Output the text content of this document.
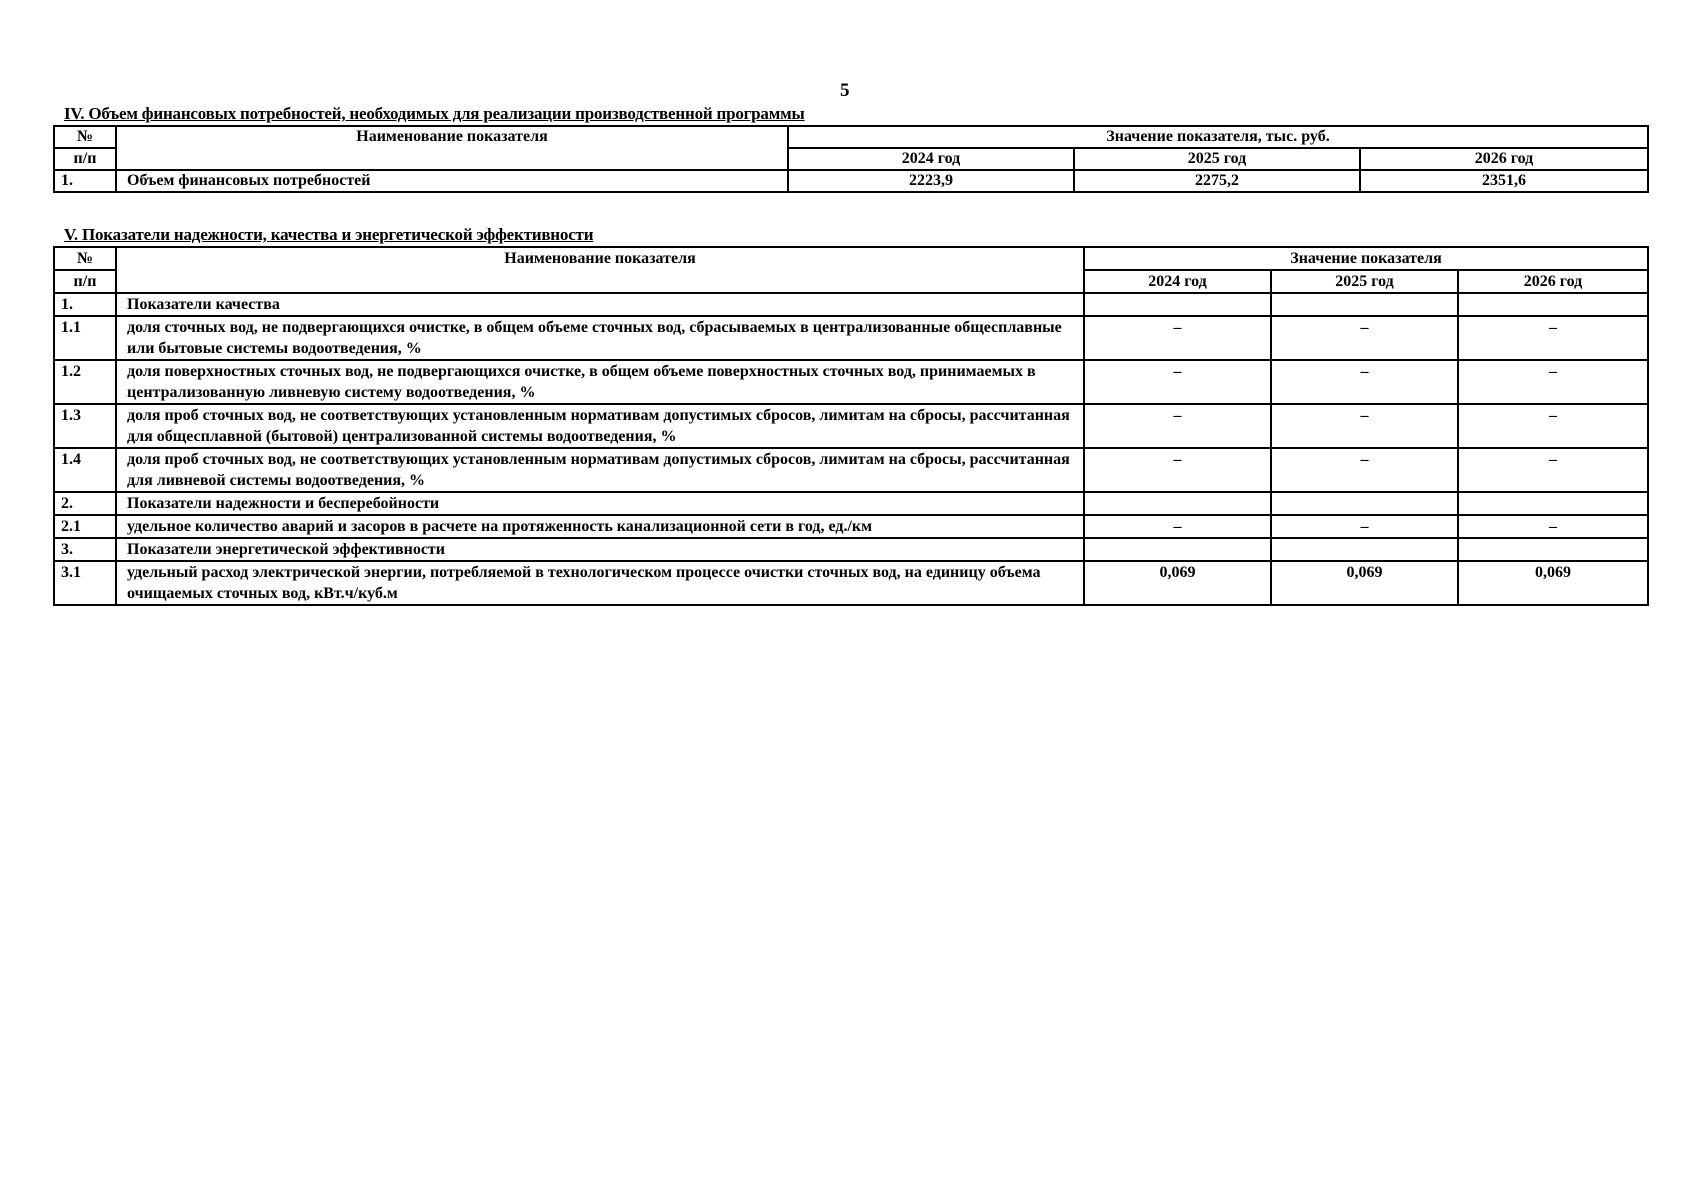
5
IV. Объем финансовых потребностей, необходимых для реализации производственной программы
№	Наименование показателя	Значение показателя, тыс. руб.		
п/п		2024 год	2025 год	2026 год
1.	Объем финансовых потребностей	2223,9	2275,2	2351,6
V. Показатели надежности, качества и энергетической эффективности
№	Наименование показателя	Значение показателя		
п/п		2024 год	2025 год	2026 год
1.	Показатели качества			
1.1	доля сточных вод, не подвергающихся очистке, в общем объеме сточных вод, сбрасываемых в централизованные общесплавные или бытовые системы водоотведения, %	–	–	–
1.2	доля поверхностных сточных вод, не подвергающихся очистке, в общем объеме поверхностных сточных вод, принимаемых в централизованную ливневую систему водоотведения, %	–	–	–
1.3	доля проб сточных вод, не соответствующих установленным нормативам допустимых сбросов, лимитам на сбросы, рассчитанная для общесплавной (бытовой) централизованной системы водоотведения, %	–	–	–
1.4	доля проб сточных вод, не соответствующих установленным нормативам допустимых сбросов, лимитам на сбросы, рассчитанная для ливневой системы водоотведения, %	–	–	–
2.	Показатели надежности и бесперебойности			
2.1	удельное количество аварий и засоров в расчете на протяженность канализационной сети в год, ед./км	–	–	–
3.	Показатели энергетической эффективности			
3.1	удельный расход электрической энергии, потребляемой в технологическом процессе очистки сточных вод, на единицу объема очищаемых сточных вод, кВт.ч/куб.м	0,069	0,069	0,069
